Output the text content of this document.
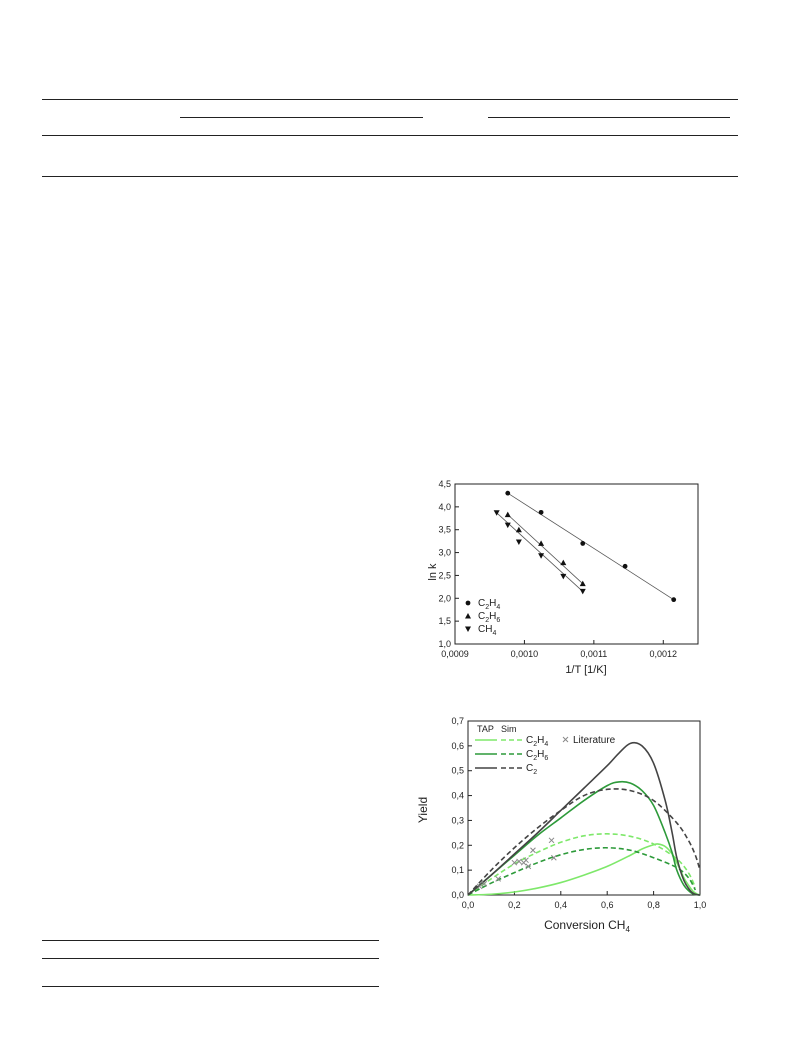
0,0009	0,0010	0,0011	0,0012
1,0
1,5
2,0
2,5
3,0
3,5
4,0
4,5
$C_2H_4$
$C_2H_6$
$CH_4$
ln k
1/T [1/K]
0,0	0,2	0,4	0,6	0,8	1,0
0,0
0,1
0,2
0,3
0,4
0,5
0,6
0,7
TAP Sim
$C_2H_4$
$C_2H_6$
$C_2$
Literature
Yield
Conversion $CH_4$
